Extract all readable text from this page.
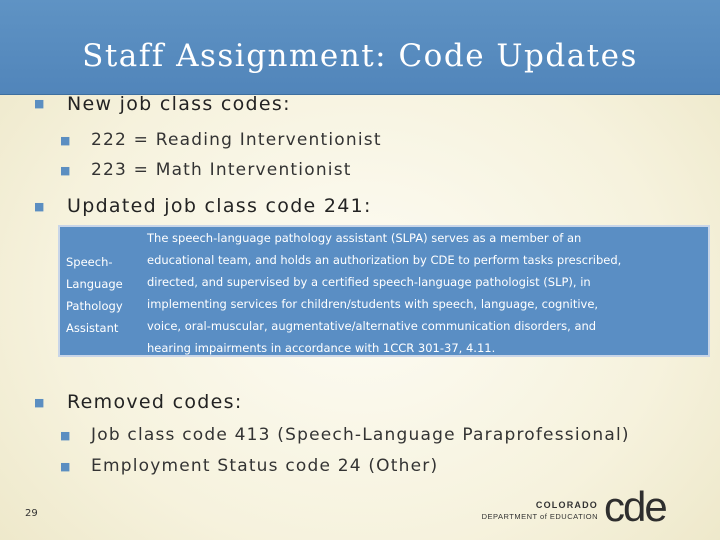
Staff Assignment: Code Updates
■ New job class codes:
■ 222 = Reading Interventionist
■ 223 = Math Interventionist
■ Updated job class code 241:
Speech-
Language
Pathology
Assistant
The speech-language pathology assistant (SLPA) serves as a member of an
educational team, and holds an authorization by CDE to perform tasks prescribed,
directed, and supervised by a certified speech-language pathologist (SLP), in
implementing services for children/students with speech, language, cognitive,
voice, oral-muscular, augmentative/alternative communication disorders, and
hearing impairments in accordance with 1CCR 301-37, 4.11.
■ Removed codes:
■ Job class code 413 (Speech-Language Paraprofessional)
■ Employment Status code 24 (Other)
29
COLORADO
DEPARTMENT of EDUCATION cde
